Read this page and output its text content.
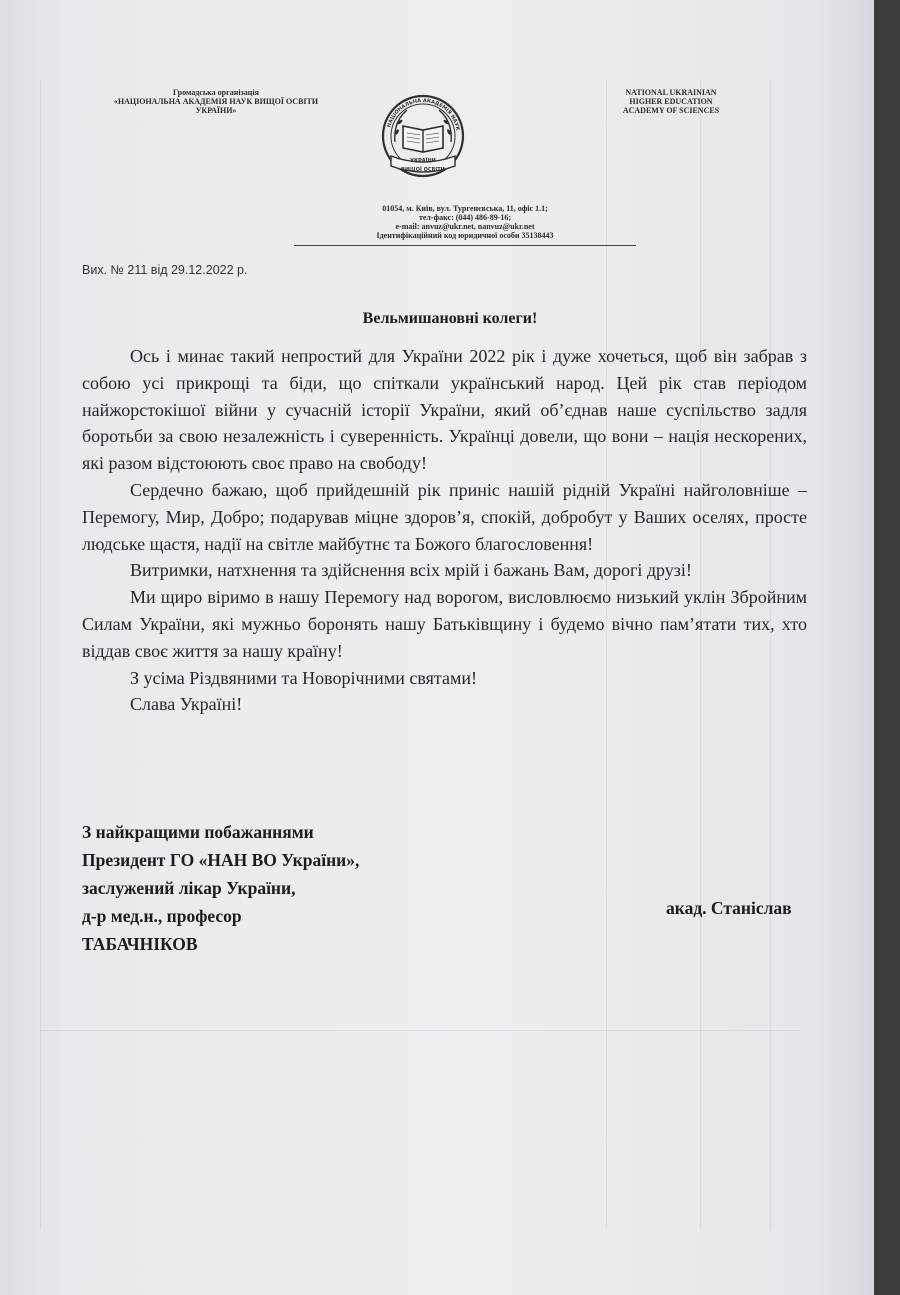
Громадська організація
«НАЦІОНАЛЬНА АКАДЕМІЯ НАУК ВИЩОЇ ОСВІТИ УКРАЇНИ»
НАЦІОНАЛЬНА АКАДЕМІЯ НАУК
УКРАЇНИ
ВИЩОЇ ОСВІТИ
NATIONAL UKRAINIAN
HIGHER EDUCATION
ACADEMY OF SCIENCES
01054, м. Київ, вул. Тургенєвська, 11, офіс 1.1;
тел-факс: (044) 486-89-16;
e-mail: anvuz@ukr.net, nanvuz@ukr.net
Ідентифікаційний код юридичної особи 35138443
Вих. № 211 від 29.12.2022 р.
Вельмишановні колеги!

Ось і минає такий непростий для України 2022 рік і дуже хочеться, щоб він забрав з собою усі прикрощі та біди, що спіткали український народ. Цей рік став періодом найжорстокішої війни у сучасній історії України, який об’єднав наше суспільство задля боротьби за свою незалежність і суверенність. Українці довели, що вони – нація нескорених, які разом відстоюють своє право на свободу!

Сердечно бажаю, щоб прийдешній рік приніс нашій рідній Україні найголовніше – Перемогу, Мир, Добро; подарував міцне здоров’я, спокій, добробут у Ваших оселях, просте людське щастя, надії на світле майбутнє та Божого благословення!

Витримки, натхнення та здійснення всіх мрій і бажань Вам, дорогі друзі!

Ми щиро віримо в нашу Перемогу над ворогом, висловлюємо низький уклін Збройним Силам України, які мужньо боронять нашу Батьківщину і будемо вічно пам’ятати тих, хто віддав своє життя за нашу країну!

З усіма Різдвяними та Новорічними святами!

Слава Україні!

З найкращими побажаннями
Президент ГО «НАН ВО України»,
заслужений лікар України,
д-р мед.н., професор
ТАБАЧНІКОВ
акад. Станіслав
